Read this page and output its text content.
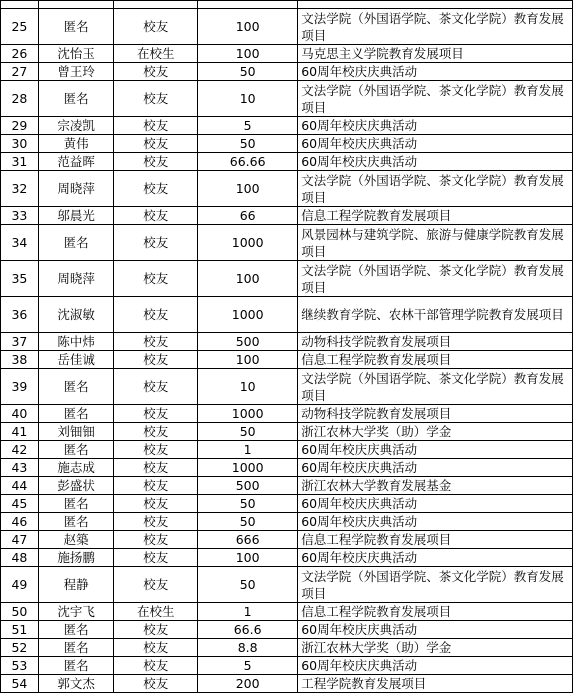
25	匿名	校友	100	文法学院（外国语学院、茶文化学院）教育发展项目
26	沈怡玉	在校生	100	马克思主义学院教育发展项目
27	曾王玲	校友	50	60周年校庆庆典活动
28	匿名	校友	10	文法学院（外国语学院、茶文化学院）教育发展项目
29	宗凌凯	校友	5	60周年校庆庆典活动
30	黄伟	校友	50	60周年校庆庆典活动
31	范益晖	校友	66.66	60周年校庆庆典活动
32	周晓萍	校友	100	文法学院（外国语学院、茶文化学院）教育发展项目
33	邬晨光	校友	66	信息工程学院教育发展项目
34	匿名	校友	1000	风景园林与建筑学院、旅游与健康学院教育发展项目
35	周晓萍	校友	100	文法学院（外国语学院、茶文化学院）教育发展项目
36	沈淑敏	校友	1000	继续教育学院、农林干部管理学院教育发展项目
37	陈中炜	校友	500	动物科技学院教育发展项目
38	岳佳诚	校友	100	信息工程学院教育发展项目
39	匿名	校友	10	文法学院（外国语学院、茶文化学院）教育发展项目
40	匿名	校友	1000	动物科技学院教育发展项目
41	刘钿钿	校友	50	浙江农林大学奖（助）学金
42	匿名	校友	1	60周年校庆庆典活动
43	施志成	校友	1000	60周年校庆庆典活动
44	彭盛状	校友	500	浙江农林大学教育发展基金
45	匿名	校友	50	60周年校庆庆典活动
46	匿名	校友	50	60周年校庆庆典活动
47	赵築	校友	666	信息工程学院教育发展项目
48	施扬鹏	校友	100	60周年校庆庆典活动
49	程静	校友	50	文法学院（外国语学院、茶文化学院）教育发展项目
50	沈宇飞	在校生	1	信息工程学院教育发展项目
51	匿名	校友	66.6	60周年校庆庆典活动
52	匿名	校友	8.8	浙江农林大学奖（助）学金
53	匿名	校友	5	60周年校庆庆典活动
54	郭文杰	校友	200	工程学院教育发展项目
